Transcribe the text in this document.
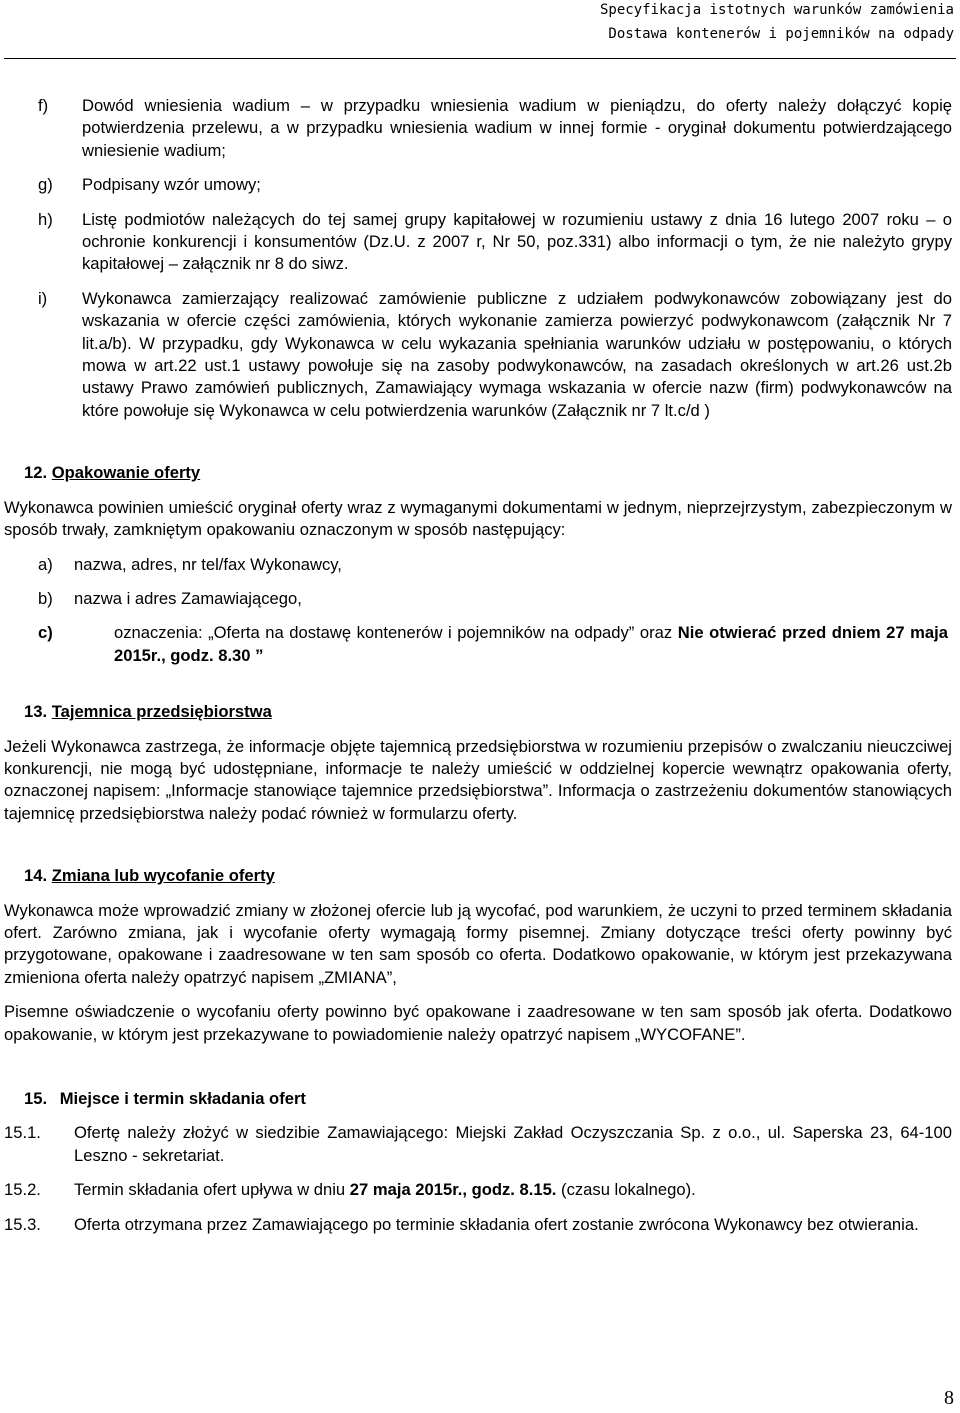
Specyfikacja istotnych warunków zamówienia
Dostawa kontenerów i pojemników na odpady
f)	Dowód wniesienia wadium – w przypadku wniesienia wadium w pieniądzu, do oferty należy dołączyć kopię potwierdzenia przelewu, a w przypadku wniesienia wadium w innej formie - oryginał dokumentu potwierdzającego wniesienie wadium;
g)	Podpisany wzór umowy;
h)	Listę podmiotów należących do tej samej grupy kapitałowej w rozumieniu ustawy z dnia 16 lutego 2007 roku – o ochronie konkurencji i konsumentów (Dz.U. z 2007 r, Nr 50, poz.331) albo informacji o tym, że nie należyto grypy kapitałowej – załącznik nr 8 do siwz.
i)	Wykonawca zamierzający realizować zamówienie publiczne z udziałem podwykonawców zobowiązany jest do wskazania w ofercie części zamówienia, których wykonanie zamierza powierzyć podwykonawcom (załącznik Nr 7 lit.a/b). W przypadku, gdy Wykonawca w celu wykazania spełniania warunków udziału w postępowaniu, o których mowa w art.22 ust.1 ustawy powołuje się na zasoby podwykonawców, na zasadach określonych w art.26 ust.2b ustawy Prawo zamówień publicznych, Zamawiający wymaga wskazania w ofercie nazw (firm) podwykonawców na które powołuje się Wykonawca w celu potwierdzenia warunków (Załącznik nr 7 lt.c/d )
12. Opakowanie oferty
Wykonawca powinien umieścić oryginał oferty wraz z wymaganymi dokumentami w jednym, nieprzejrzystym, zabezpieczonym w sposób trwały, zamkniętym opakowaniu oznaczonym w sposób następujący:
a) nazwa, adres, nr tel/fax Wykonawcy,
b) nazwa i adres Zamawiającego,
c)	oznaczenia: „Oferta na dostawę kontenerów i pojemników na odpady” oraz Nie otwierać przed dniem 27 maja 2015r., godz. 8.30 ”
13. Tajemnica przedsiębiorstwa
Jeżeli Wykonawca zastrzega, że informacje objęte tajemnicą przedsiębiorstwa w rozumieniu przepisów o zwalczaniu nieuczciwej konkurencji, nie mogą być udostępniane, informacje te należy umieścić w oddzielnej kopercie wewnątrz opakowania oferty, oznaczonej napisem: „Informacje stanowiące tajemnice przedsiębiorstwa”. Informacja o zastrzeżeniu dokumentów stanowiących tajemnicę przedsiębiorstwa należy podać również w formularzu oferty.
14. Zmiana lub wycofanie oferty
Wykonawca może wprowadzić zmiany w złożonej ofercie lub ją wycofać, pod warunkiem, że uczyni to przed terminem składania ofert. Zarówno zmiana, jak i wycofanie oferty wymagają formy pisemnej. Zmiany dotyczące treści oferty powinny być przygotowane, opakowane i zaadresowane w ten sam sposób co oferta. Dodatkowo opakowanie, w którym jest przekazywana zmieniona oferta należy opatrzyć napisem „ZMIANA”,
Pisemne oświadczenie o wycofaniu oferty powinno być opakowane i zaadresowane w ten sam sposób jak oferta. Dodatkowo opakowanie, w którym jest przekazywane to powiadomienie należy opatrzyć napisem „WYCOFANE”.
15. Miejsce i termin składania ofert
15.1. Ofertę należy złożyć w siedzibie Zamawiającego: Miejski Zakład Oczyszczania Sp. z o.o., ul. Saperska 23, 64-100 Leszno - sekretariat.
15.2. Termin składania ofert upływa w dniu 27 maja 2015r., godz. 8.15. (czasu lokalnego).
15.3. Oferta otrzymana przez Zamawiającego po terminie składania ofert zostanie zwrócona Wykonawcy bez otwierania.
8
